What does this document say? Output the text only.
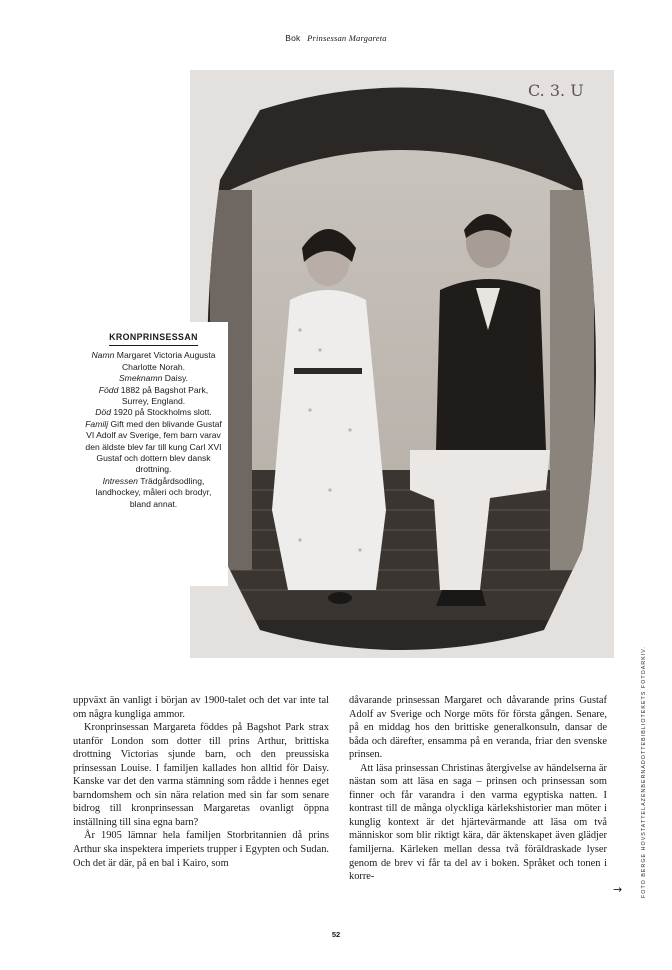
Bok Prinsessan Margareta
C. 3. U
KRONPRINSESSAN

Namn Margaret Victoria Augusta Charlotte Norah.

Smeknamn Daisy.

Född 1882 på Bagshot Park, Surrey, England.

Död 1920 på Stockholms slott.

Familj Gift med den blivande Gustaf VI Adolf av Sverige, fem barn varav den äldste blev far till kung Carl XVI Gustaf och dottern blev dansk drottning.

Intressen Trädgårdsodling, landhockey, måleri och brodyr, bland annat.

FOTO BERGE HOVSTATTELAZENBERNADOTTEBIBLIOTEKETS FOTOARKIV.

uppväxt än vanligt i början av 1900-talet och det var inte tal om några kungliga ammor.

Kronprinsessan Margareta föddes på Bagshot Park strax utanför London som dotter till prins Arthur, brittiska drottning Victorias sjunde barn, och den preussiska prinsessan Louise. I familjen kallades hon alltid för Daisy. Kanske var det den varma stämning som rådde i hennes eget barndomshem och sin nära relation med sin far som senare bidrog till kronprinsessan Margaretas ovanligt öppna inställning till sina egna barn?

År 1905 lämnar hela familjen Storbritannien då prins Arthur ska inspektera imperiets trupper i Egypten och Sudan. Och det är där, på en bal i Kairo, som

dåvarande prinsessan Margaret och dåvarande prins Gustaf Adolf av Sverige och Norge möts för första gången. Senare, på en middag hos den brittiske generalkonsuln, dansar de båda och därefter, ensamma på en veranda, friar den svenske prinsen.

Att läsa prinsessan Christinas återgivelse av händelserna är nästan som att läsa en saga – prinsen och prinsessan som finner och får varandra i den varma egyptiska natten. I kontrast till de många olyckliga kärlekshistorier man möter i kunglig kontext är det hjärtevärmande att läsa om två människor som blir riktigt kära, där äktenskapet även glädjer familjerna. Kärleken mellan dessa två föräldraskade lyser genom de brev vi får ta del av i boken. Språket och tonen i korre-

→
52
